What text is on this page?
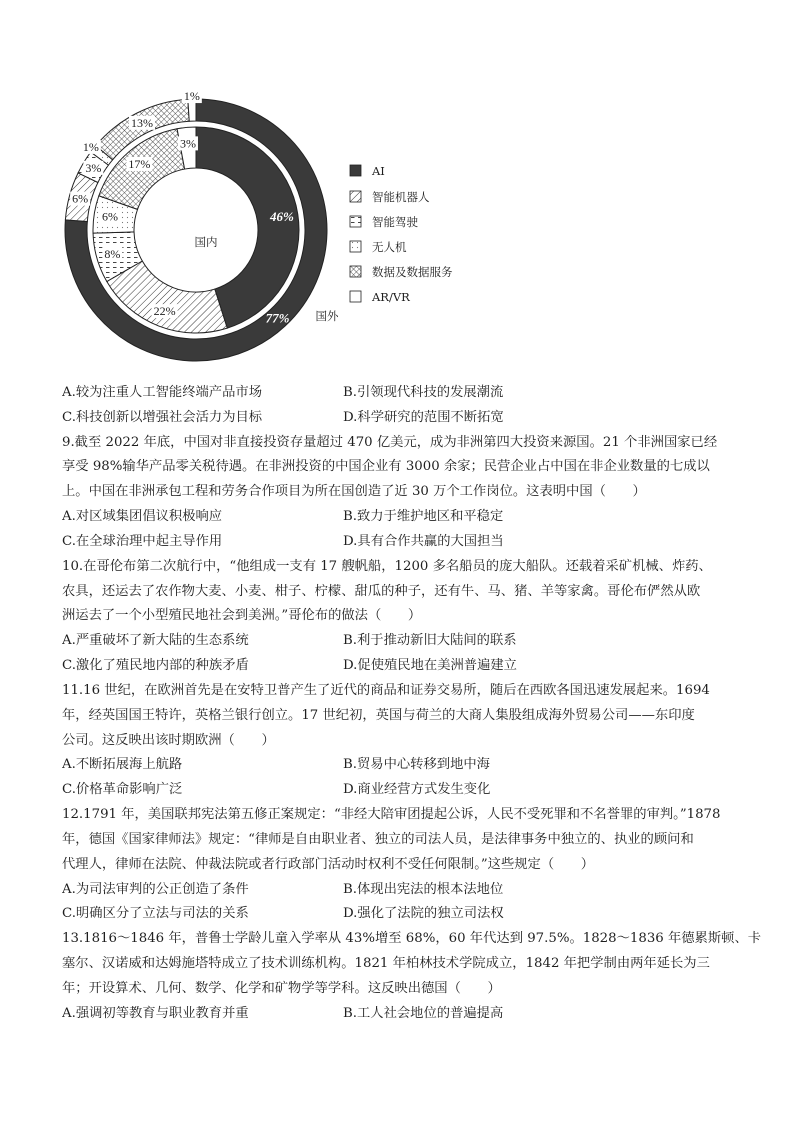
46%
22%
8%
6%
17%
3%
77%
6%
3%
1%
13%
1%
国内
国外
AI
智能机器人
智能驾驶
无人机
数据及数据服务
AR/VR
A.较为注重人工智能终端产品市场	B.引领现代科技的发展潮流
C.科技创新以增强社会活力为目标	D.科学研究的范围不断拓宽
9.截至 2022 年底，中国对非直接投资存量超过 470 亿美元，成为非洲第四大投资来源国。21 个非洲国家已经
享受 98%输华产品零关税待遇。在非洲投资的中国企业有 3000 余家；民营企业占中国在非企业数量的七成以
上。中国在非洲承包工程和劳务合作项目为所在国创造了近 30 万个工作岗位。这表明中国（　　）
A.对区域集团倡议积极响应	B.致力于维护地区和平稳定
C.在全球治理中起主导作用	D.具有合作共赢的大国担当
10.在哥伦布第二次航行中，“他组成一支有 17 艘帆船，1200 多名船员的庞大船队。还载着采矿机械、炸药、
农具，还运去了农作物大麦、小麦、柑子、柠檬、甜瓜的种子，还有牛、马、猪、羊等家禽。哥伦布俨然从欧
洲运去了一个小型殖民地社会到美洲。”哥伦布的做法（　　）
A.严重破坏了新大陆的生态系统	B.利于推动新旧大陆间的联系
C.激化了殖民地内部的种族矛盾	D.促使殖民地在美洲普遍建立
11.16 世纪，在欧洲首先是在安特卫普产生了近代的商品和证券交易所，随后在西欧各国迅速发展起来。1694
年，经英国国王特许，英格兰银行创立。17 世纪初，英国与荷兰的大商人集股组成海外贸易公司——东印度
公司。这反映出该时期欧洲（　　）
A.不断拓展海上航路	B.贸易中心转移到地中海
C.价格革命影响广泛	D.商业经营方式发生变化
12.1791 年，美国联邦宪法第五修正案规定：“非经大陪审团提起公诉，人民不受死罪和不名誉罪的审判。”1878
年，德国《国家律师法》规定：“律师是自由职业者、独立的司法人员，是法律事务中独立的、执业的顾问和
代理人，律师在法院、仲裁法院或者行政部门活动时权利不受任何限制。”这些规定（　　）
A.为司法审判的公正创造了条件	B.体现出宪法的根本法地位
C.明确区分了立法与司法的关系	D.强化了法院的独立司法权
13.1816～1846 年，普鲁士学龄儿童入学率从 43%增至 68%，60 年代达到 97.5%。1828～1836 年德累斯顿、卡
塞尔、汉诺威和达姆施塔特成立了技术训练机构。1821 年柏林技术学院成立，1842 年把学制由两年延长为三
年；开设算术、几何、数学、化学和矿物学等学科。这反映出德国（　　）
A.强调初等教育与职业教育并重	B.工人社会地位的普遍提高
